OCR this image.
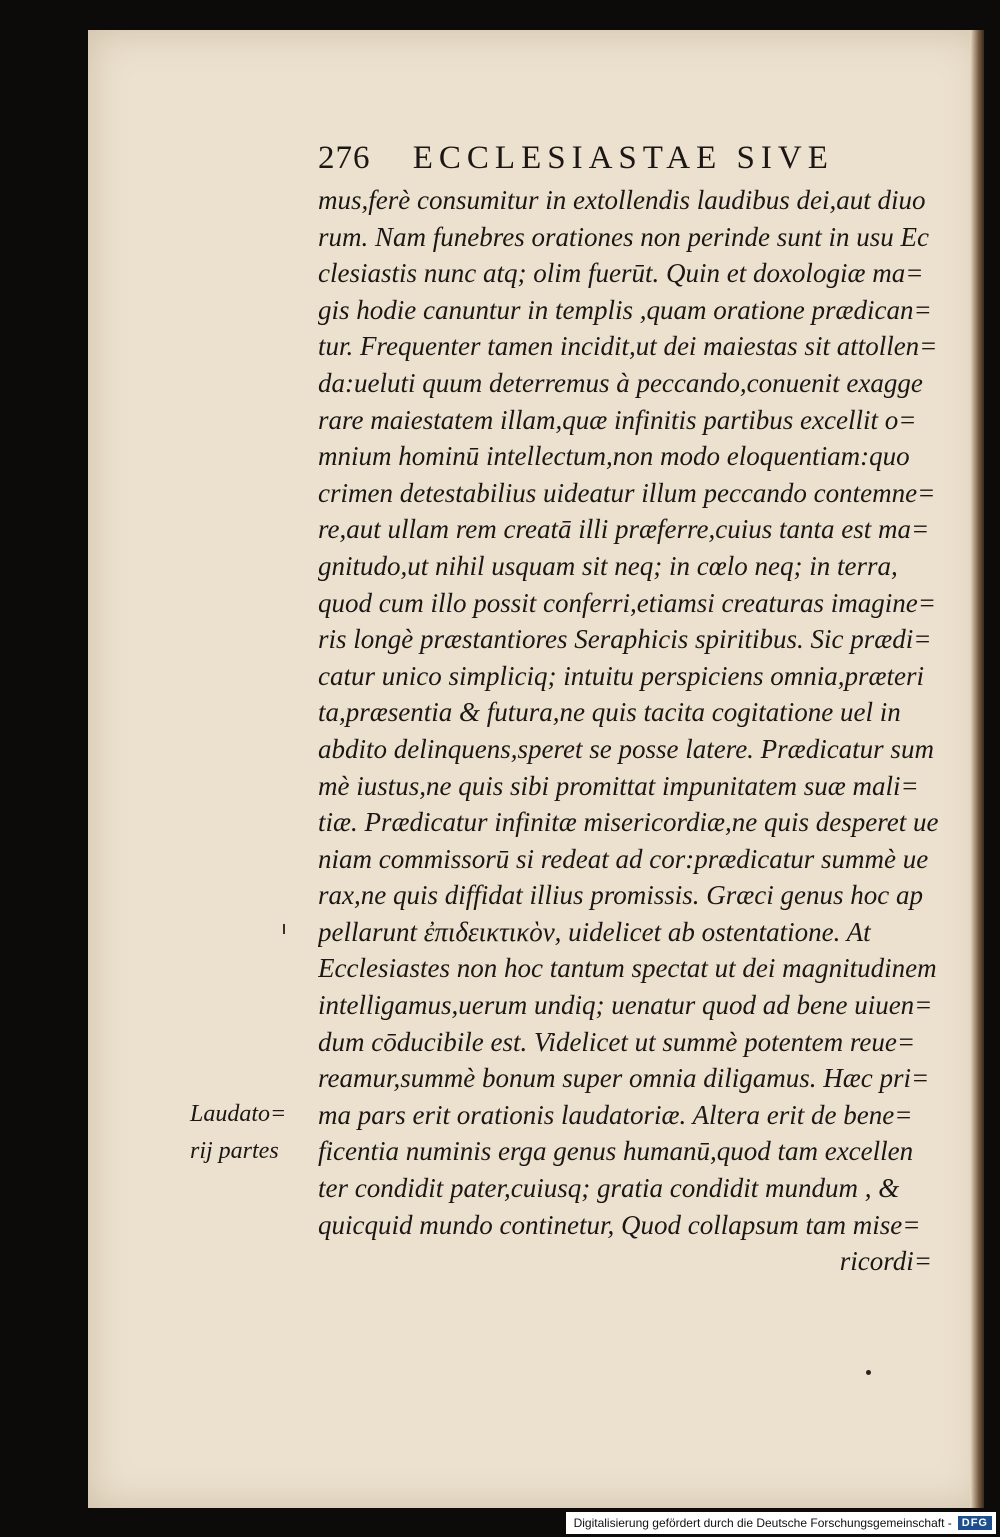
276 ECCLESIASTAE SIVE
mus,ferè consumitur in extollendis laudibus dei,aut diuo
rum. Nam funebres orationes non perinde sunt in usu Ec
clesiastis nunc atq; olim fuerūt. Quin et doxologiæ ma=
gis hodie canuntur in templis ,quam oratione prædican=
tur. Frequenter tamen incidit,ut dei maiestas sit attollen=
da:ueluti quum deterremus à peccando,conuenit exagge
rare maiestatem illam,quæ infinitis partibus excellit o=
mnium hominū intellectum,non modo eloquentiam:quo
crimen detestabilius uideatur illum peccando contemne=
re,aut ullam rem creatā illi præferre,cuius tanta est ma=
gnitudo,ut nihil usquam sit neq; in cœlo neq; in terra,
quod cum illo possit conferri,etiamsi creaturas imagine=
ris longè præstantiores Seraphicis spiritibus. Sic prædi=
catur unico simpliciq; intuitu perspiciens omnia,præteri
ta,præsentia & futura,ne quis tacita cogitatione uel in
abdito delinquens,speret se posse latere. Prædicatur sum
mè iustus,ne quis sibi promittat impunitatem suæ mali=
tiæ. Prædicatur infinitæ misericordiæ,ne quis desperet ue
niam commissorū si redeat ad cor:prædicatur summè ue
rax,ne quis diffidat illius promissis. Græci genus hoc ap
pellarunt ἐπιδεικτικὸν, uidelicet ab ostentatione. At
Ecclesiastes non hoc tantum spectat ut dei magnitudinem
intelligamus,uerum undiq; uenatur quod ad bene uiuen=
dum cōducibile est. Videlicet ut summè potentem reue=
reamur,summè bonum super omnia diligamus. Hæc pri=
ma pars erit orationis laudatoriæ. Altera erit de bene=
ficentia numinis erga genus humanū,quod tam excellen
ter condidit pater,cuiusq; gratia condidit mundum , &
quicquid mundo continetur, Quod collapsum tam mise=
ricordi=
Laudato=
rij partes
Digitalisierung gefördert durch die Deutsche Forschungsgemeinschaft - DFG
